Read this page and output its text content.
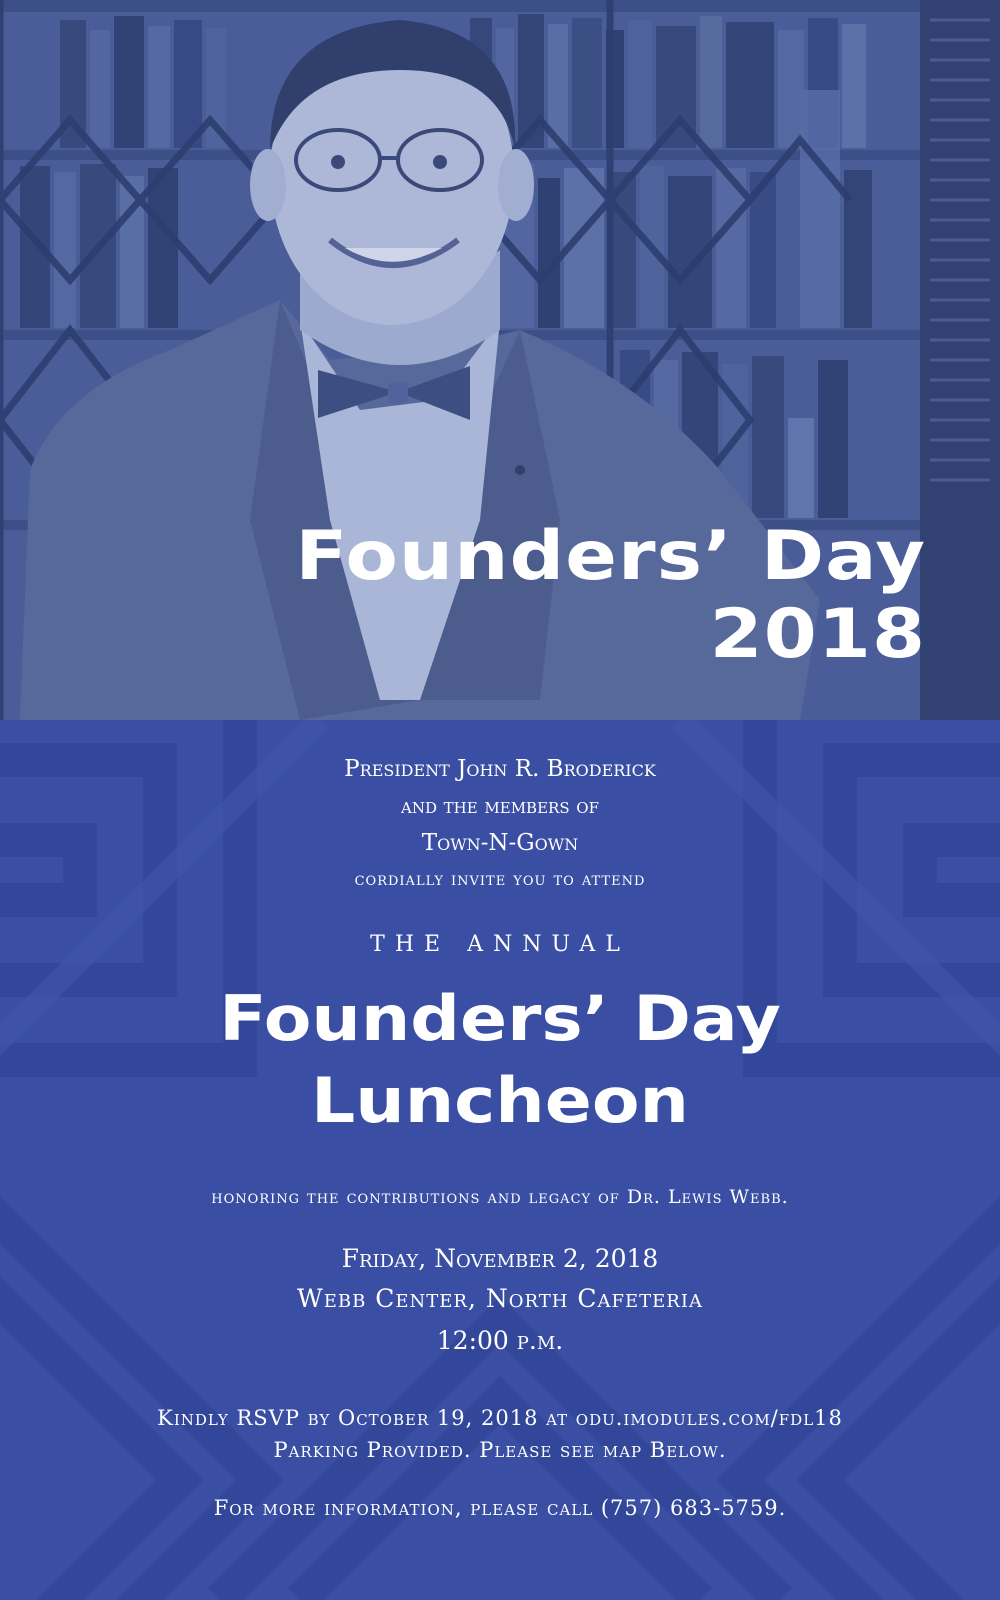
Founders’ Day
2018

President John R. Broderick

and the members of

Town-N-Gown

cordially invite you to attend

THE ANNUAL

Founders’ Day
Luncheon

honoring the contributions and legacy of Dr. Lewis Webb.

Friday, November 2, 2018

Webb Center, North Cafeteria

12:00 p.m.

Kindly RSVP by October 19, 2018 at odu.imodules.com/fdl18

Parking Provided. Please see map Below.

For more information, please call (757) 683-5759.
